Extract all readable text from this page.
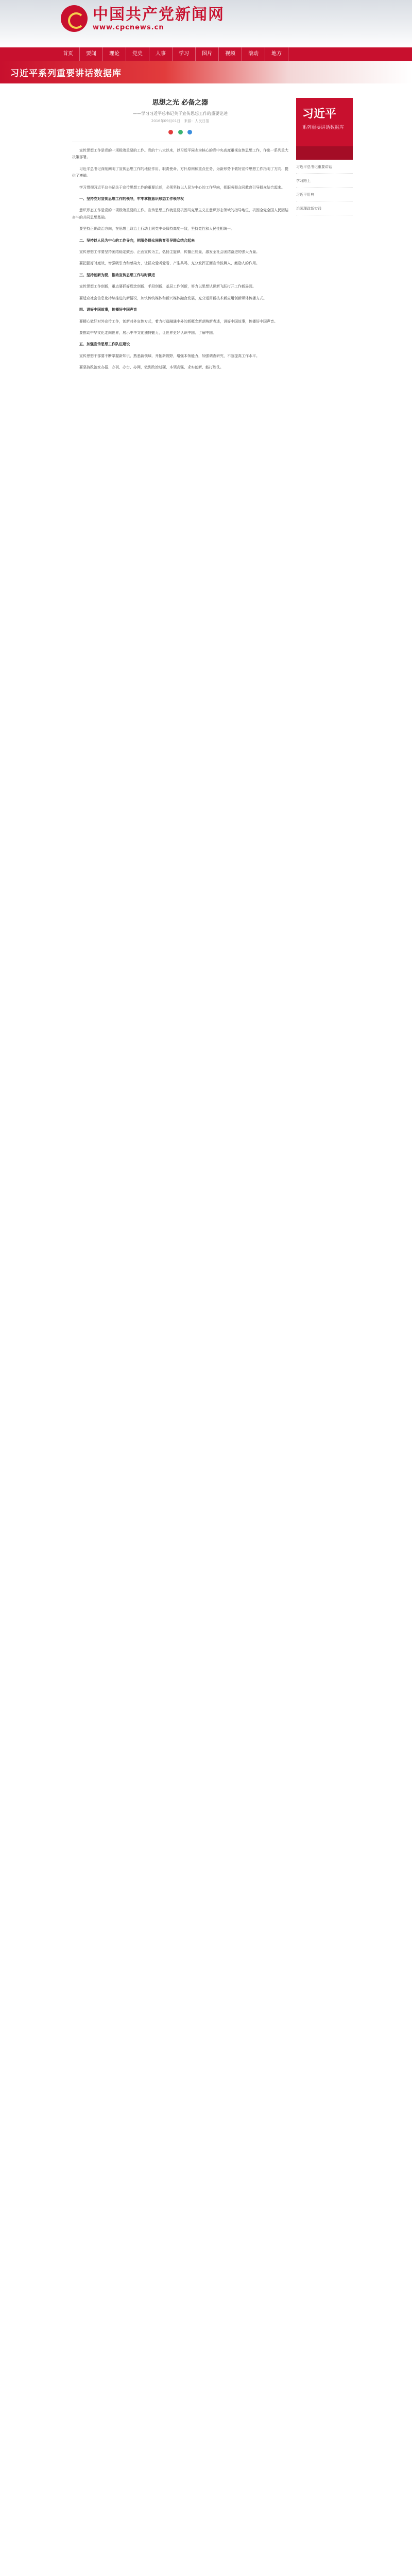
中国共产党新闻网
www.cpcnews.cn
首页	要闻	理论	党史	人事	学习	图片	视频	滚动	地方
习近平系列重要讲话数据库
思想之光 必备之器
——学习习近平总书记关于宣传思想工作的重要论述
2016年09月01日　来源：人民日报

宣传思想工作是党的一项极端重要的工作。党的十八大以来，以习近平同志为核心的党中央高度重视宣传思想工作，作出一系列重大决策部署。

习近平总书记深刻阐明了宣传思想工作的地位作用、职责使命、方针原则和重点任务，为新形势下做好宣传思想工作指明了方向、提供了遵循。

学习贯彻习近平总书记关于宣传思想工作的重要论述，必须坚持以人民为中心的工作导向，把服务群众同教育引导群众结合起来。

一、坚持党对宣传思想工作的领导，牢牢掌握意识形态工作领导权

意识形态工作是党的一项极端重要的工作。宣传思想工作就是要巩固马克思主义在意识形态领域的指导地位，巩固全党全国人民团结奋斗的共同思想基础。

要坚持正确政治方向，在思想上政治上行动上同党中央保持高度一致，坚持党性和人民性相统一。

二、坚持以人民为中心的工作导向，把服务群众同教育引导群众结合起来

宣传思想工作要坚持团结稳定鼓劲、正面宣传为主，弘扬主旋律，传播正能量，激发全社会团结奋进的强大力量。

要把握好时度效，增强吸引力和感染力，让群众爱听爱看、产生共鸣，充分发挥正面宣传鼓舞人、激励人的作用。

三、坚持创新为要，推动宣传思想工作与时俱进

宣传思想工作创新，重点要抓好理念创新、手段创新、基层工作创新，努力以思想认识新飞跃打开工作新局面。

要适应社会信息化持续推进的新情况，加快传统媒体和新兴媒体融合发展，充分运用新技术新应用创新媒体传播方式。

四、讲好中国故事，传播好中国声音

要精心做好对外宣传工作，创新对外宣传方式，着力打造融通中外的新概念新范畴新表述，讲好中国故事，传播好中国声音。

要推动中华文化走向世界，展示中华文化独特魅力，让世界更好认识中国、了解中国。

五、加强宣传思想工作队伍建设

宣传思想干部要不断掌握新知识、熟悉新领域、开拓新视野，增强本领能力，加强调查研究，不断提高工作水平。

要坚持政治家办报、办刊、办台、办网，做到政治过硬、本领高强、求实创新、能打胜仗。

习近平
系列重要讲话数据库
习近平总书记重要讲话
学习路上
习近平用典
治国理政新实践
